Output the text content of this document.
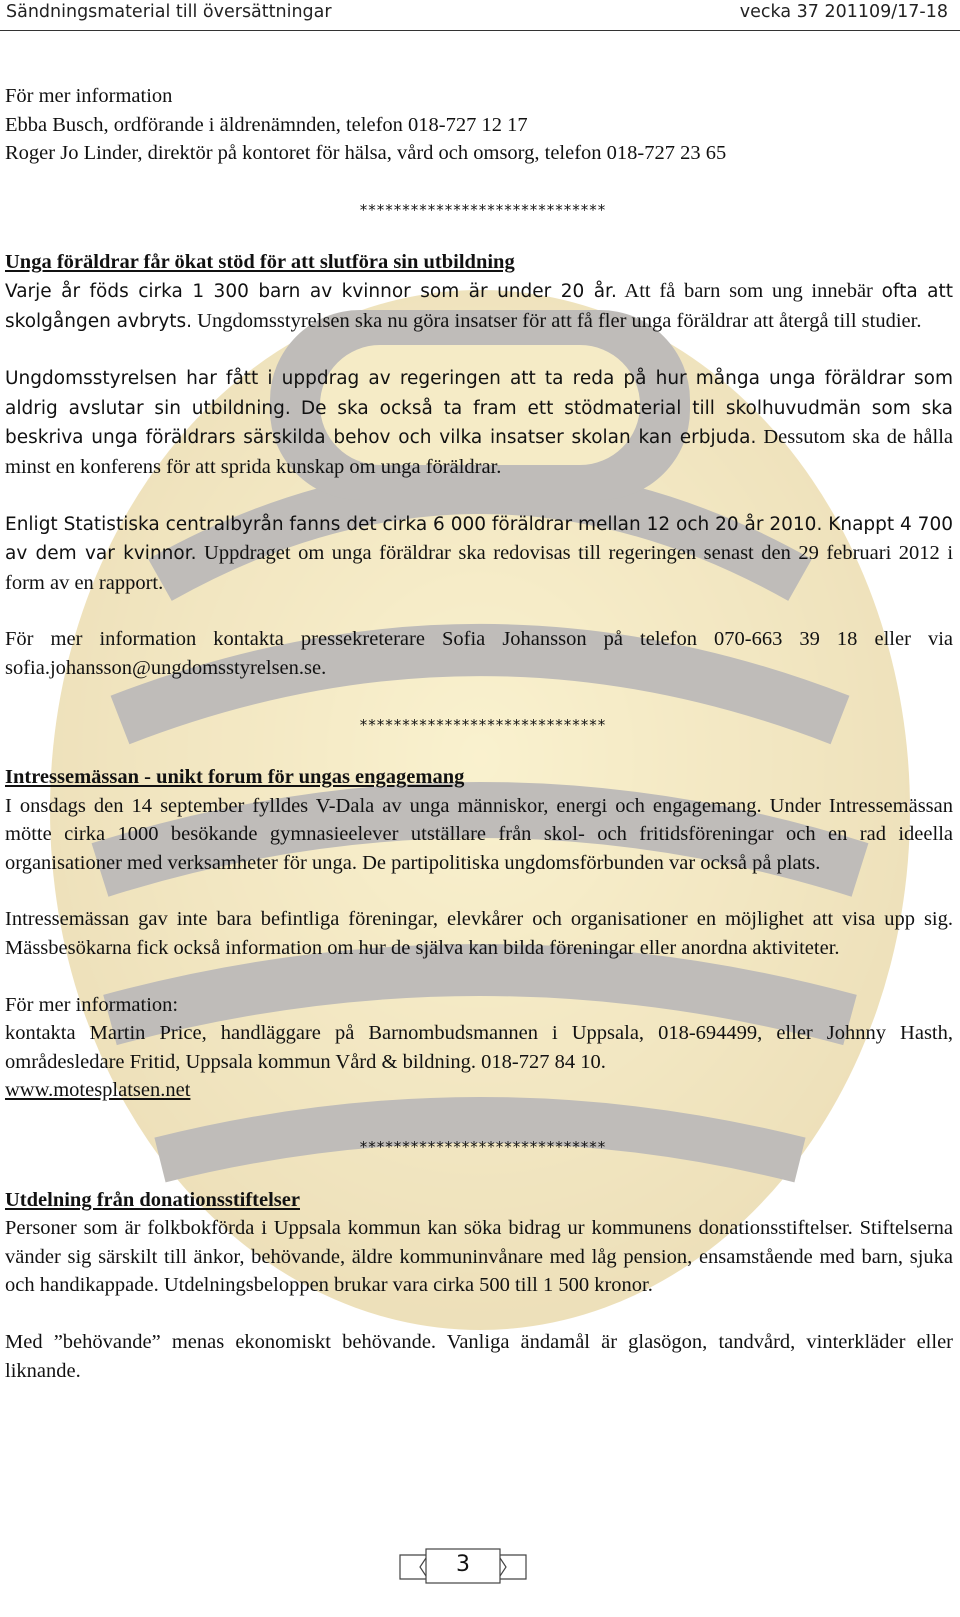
Sändningsmaterial till översättningar	vecka 37 201109/17-18

För mer information

Ebba Busch, ordförande i äldrenämnden, telefon 018-727 12 17

Roger Jo Linder, direktör på kontoret för hälsa, vård och omsorg, telefon 018-727 23 65

*****************************

Unga föräldrar får ökat stöd för att slutföra sin utbildning

Varje år föds cirka 1 300 barn av kvinnor som är under 20 år. Att få barn som ung innebär ofta att skolgången avbryts. Ungdomsstyrelsen ska nu göra insatser för att få fler unga föräldrar att återgå till studier.

Ungdomsstyrelsen har fått i uppdrag av regeringen att ta reda på hur många unga föräldrar som aldrig avslutar sin utbildning. De ska också ta fram ett stödmaterial till skolhuvudmän som ska beskriva unga föräldrars särskilda behov och vilka insatser skolan kan erbjuda. Dessutom ska de hålla minst en konferens för att sprida kunskap om unga föräldrar.

Enligt Statistiska centralbyrån fanns det cirka 6 000 föräldrar mellan 12 och 20 år 2010. Knappt 4 700 av dem var kvinnor. Uppdraget om unga föräldrar ska redovisas till regeringen senast den 29 februari 2012 i form av en rapport.

För mer information kontakta pressekreterare Sofia Johansson på telefon 070-663 39 18 eller via sofia.johansson@ungdomsstyrelsen.se.

*****************************

Intressemässan - unikt forum för ungas engagemang

I onsdags den 14 september fylldes V-Dala av unga människor, energi och engagemang. Under Intressemässan mötte cirka 1000 besökande gymnasieelever utställare från skol- och fritidsföreningar och en rad ideella organisationer med verksamheter för unga. De partipolitiska ungdomsförbunden var också på plats.

Intressemässan gav inte bara befintliga föreningar, elevkårer och organisationer en möjlighet att visa upp sig. Mässbesökarna fick också information om hur de själva kan bilda föreningar eller anordna aktiviteter.

För mer information:

kontakta Martin Price, handläggare på Barnombudsmannen i Uppsala, 018-694499, eller Johnny Hasth, områdesledare Fritid, Uppsala kommun Vård & bildning. 018-727 84 10.

www.motesplatsen.net

*****************************

Utdelning från donationsstiftelser

Personer som är folkbokförda i Uppsala kommun kan söka bidrag ur kommunens donationsstiftelser. Stiftelserna vänder sig särskilt till änkor, behövande, äldre kommuninvånare med låg pension, ensamstående med barn, sjuka och handikappade. Utdelningsbeloppen brukar vara cirka 500 till 1 500 kronor.

Med ”behövande” menas ekonomiskt behövande. Vanliga ändamål är glasögon, tandvård, vinterkläder eller liknande.

3
